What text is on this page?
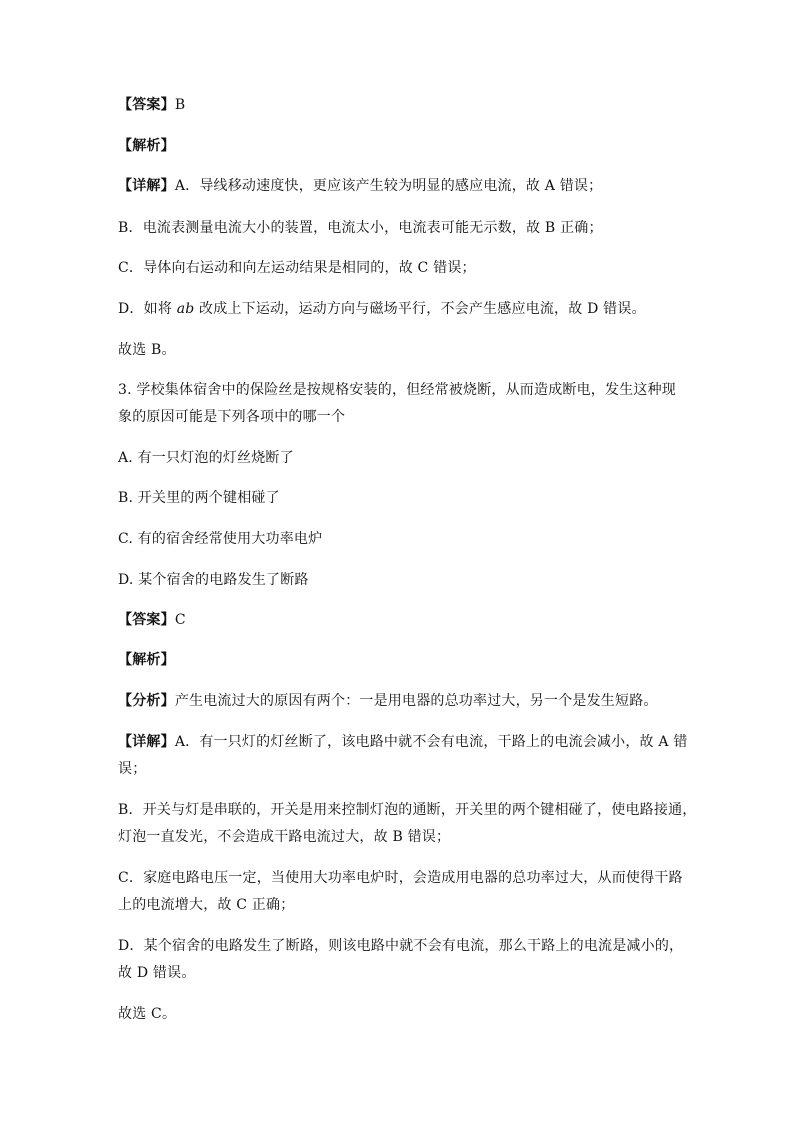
【答案】B
【解析】
【详解】A．导线移动速度快，更应该产生较为明显的感应电流，故 A 错误；
B．电流表测量电流大小的装置，电流太小，电流表可能无示数，故 B 正确；
C．导体向右运动和向左运动结果是相同的，故 C 错误；
D．如将 ab 改成上下运动，运动方向与磁场平行，不会产生感应电流，故 D 错误。
故选 B。
3. 学校集体宿舍中的保险丝是按规格安装的，但经常被烧断，从而造成断电，发生这种现
象的原因可能是下列各项中的哪一个
A. 有一只灯泡的灯丝烧断了
B. 开关里的两个键相碰了
C. 有的宿舍经常使用大功率电炉
D. 某个宿舍的电路发生了断路
【答案】C
【解析】
【分析】产生电流过大的原因有两个：一是用电器的总功率过大，另一个是发生短路。
【详解】A．有一只灯的灯丝断了，该电路中就不会有电流，干路上的电流会减小，故 A 错
误；
B．开关与灯是串联的，开关是用来控制灯泡的通断，开关里的两个键相碰了，使电路接通，
灯泡一直发光，不会造成干路电流过大，故 B 错误；
C．家庭电路电压一定，当使用大功率电炉时，会造成用电器的总功率过大，从而使得干路
上的电流增大，故 C 正确；
D．某个宿舍的电路发生了断路，则该电路中就不会有电流，那么干路上的电流是减小的，
故 D 错误。
故选 C。
